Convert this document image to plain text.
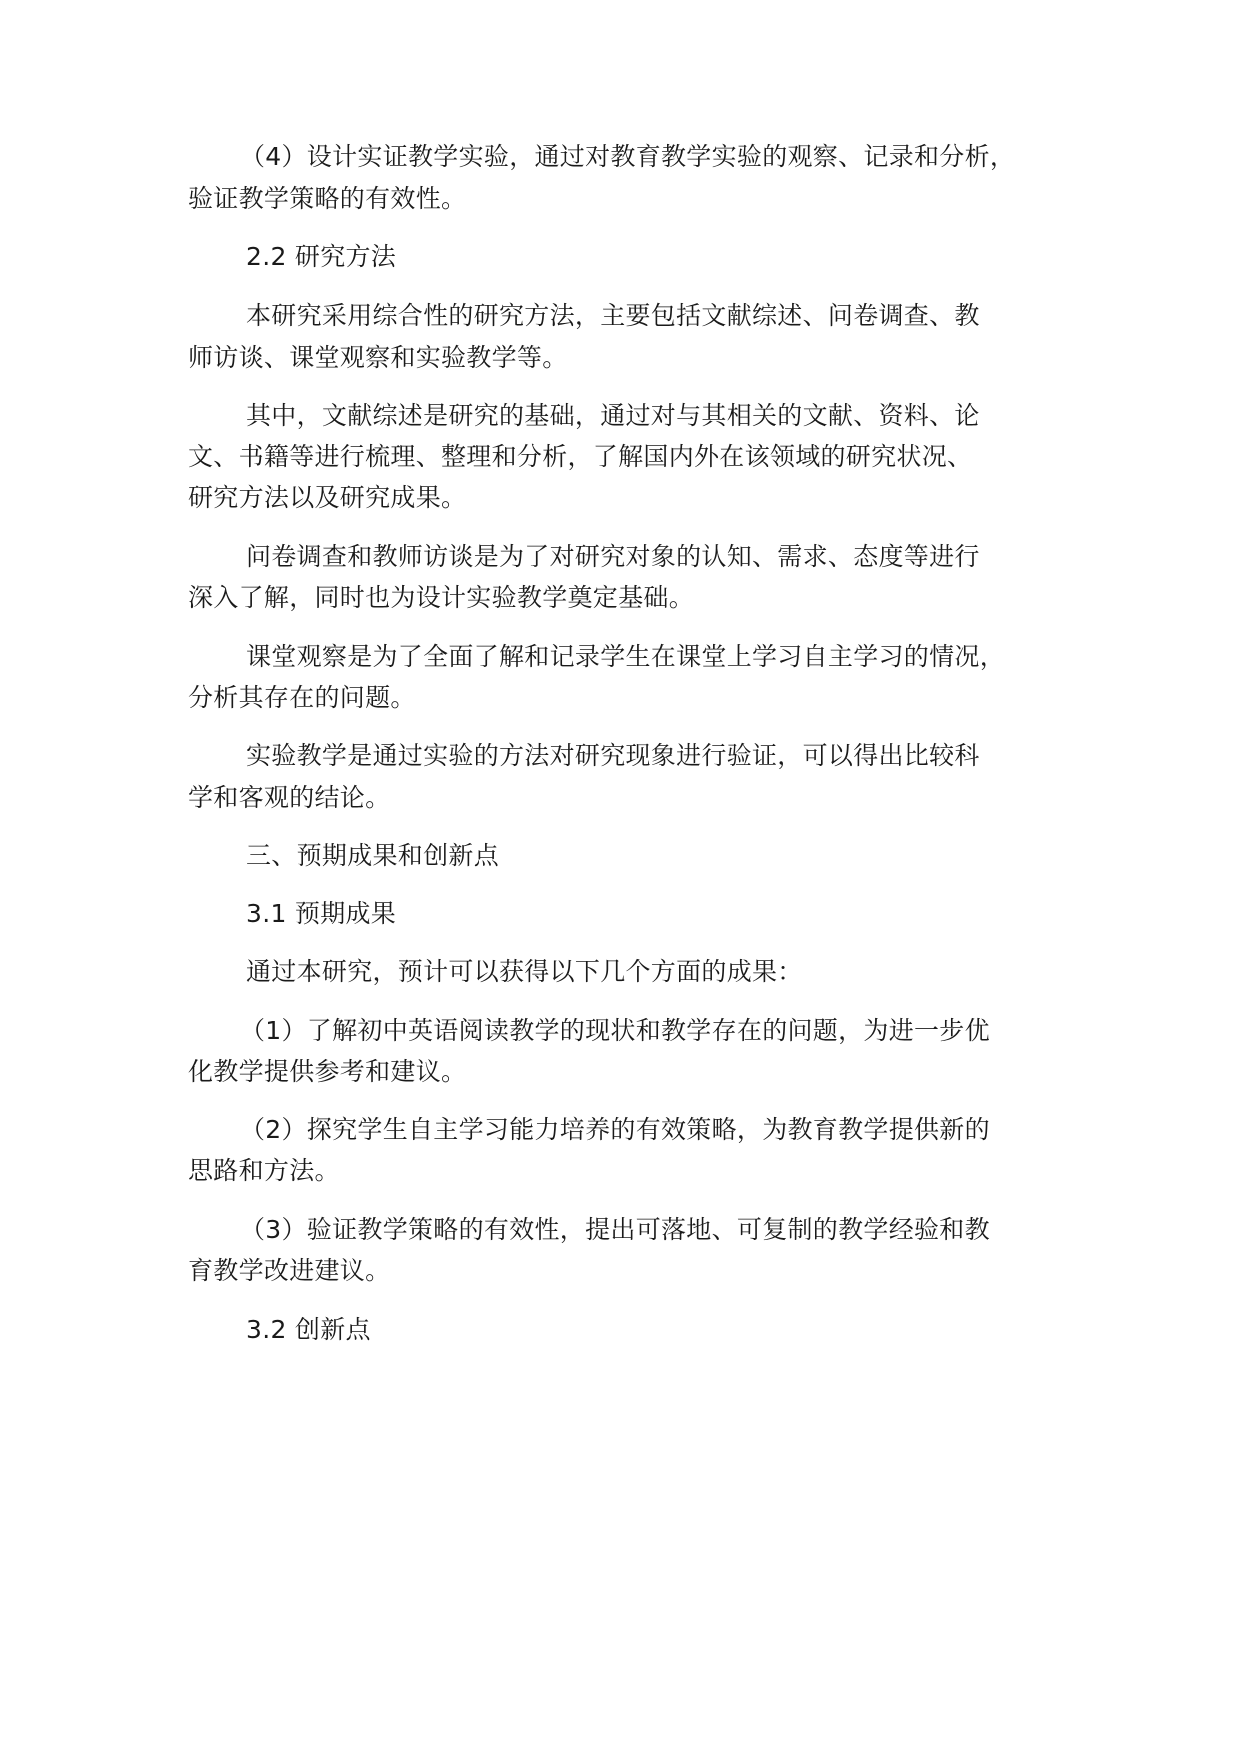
（4）设计实证教学实验，通过对教育教学实验的观察、记录和分析，

验证教学策略的有效性。

2.2 研究方法

本研究采用综合性的研究方法，主要包括文献综述、问卷调查、教

师访谈、课堂观察和实验教学等。

其中，文献综述是研究的基础，通过对与其相关的文献、资料、论

文、书籍等进行梳理、整理和分析，了解国内外在该领域的研究状况、

研究方法以及研究成果。

问卷调查和教师访谈是为了对研究对象的认知、需求、态度等进行

深入了解，同时也为设计实验教学奠定基础。

课堂观察是为了全面了解和记录学生在课堂上学习自主学习的情况，

分析其存在的问题。

实验教学是通过实验的方法对研究现象进行验证，可以得出比较科

学和客观的结论。

三、预期成果和创新点

3.1 预期成果

通过本研究，预计可以获得以下几个方面的成果：

（1）了解初中英语阅读教学的现状和教学存在的问题，为进一步优

化教学提供参考和建议。

（2）探究学生自主学习能力培养的有效策略，为教育教学提供新的

思路和方法。

（3）验证教学策略的有效性，提出可落地、可复制的教学经验和教

育教学改进建议。

3.2 创新点
